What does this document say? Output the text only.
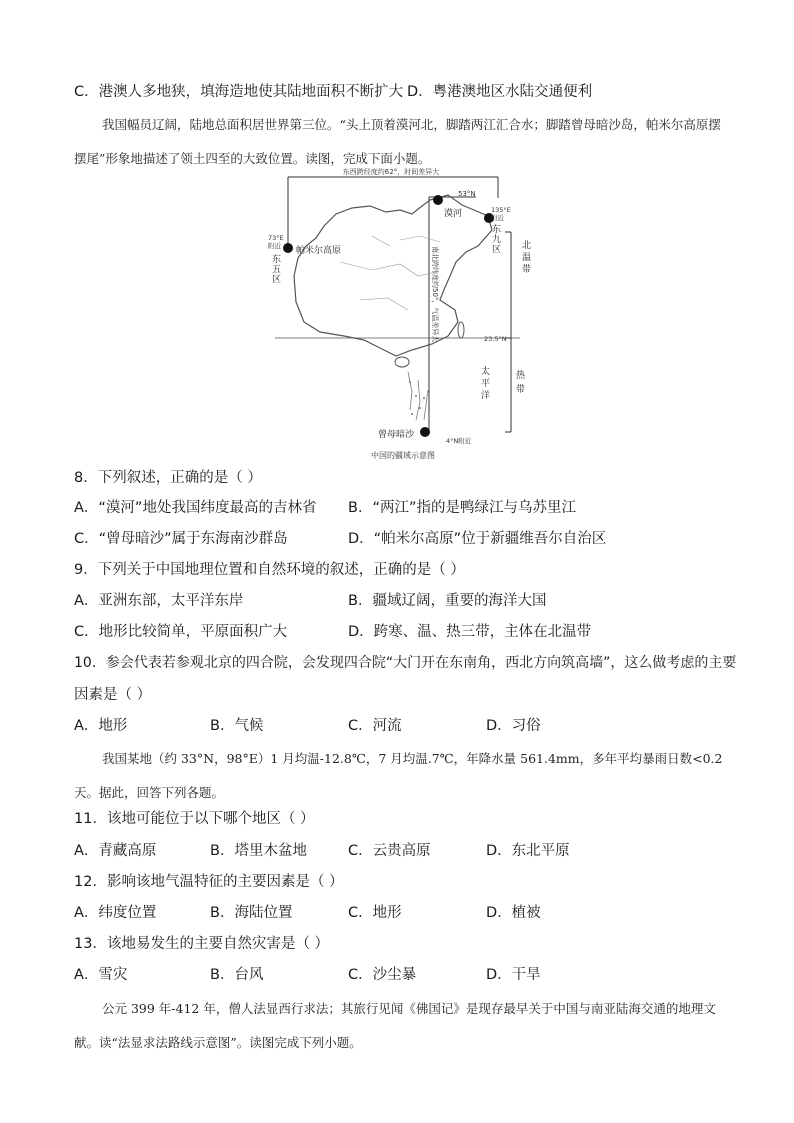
C．港澳人多地狭，填海造地使其陆地面积不断扩大 D．粤港澳地区水陆交通便利
我国幅员辽阔，陆地总面积居世界第三位。“头上顶着漠河北，脚踏两江汇合水；脚踏曾母暗沙岛，帕米尔高原摆摆尾”形象地描述了领土四至的大致位置。读图，完成下面小题。
东西跨经度约62°，时间差异大
53°N
漠河	135°E
附近
东
九
区
73°E
附近
东
五
区
帕米尔高原	南北跨纬度约50°，气温差异大	23.5°N
北
温
带
热
带
太
平
洋
曾母暗沙
4°N附近
中国的疆域示意图
8．下列叙述，正确的是（ ）
A．“漠河”地处我国纬度最高的吉林省 B．“两江”指的是鸭绿江与乌苏里江
C．“曾母暗沙”属于东海南沙群岛	D．“帕米尔高原”位于新疆维吾尔自治区
9．下列关于中国地理位置和自然环境的叙述，正确的是（ ）
A．亚洲东部，太平洋东岸	B．疆域辽阔，重要的海洋大国
C．地形比较简单，平原面积广大	D．跨寒、温、热三带，主体在北温带
10．参会代表若参观北京的四合院，会发现四合院“大门开在东南角，西北方向筑高墙”，这么做考虑的主要
因素是（ ）
A．地形	B．气候	C．河流	D．习俗
我国某地（约 33°N，98°E）1 月均温-12.8℃，7 月均温.7℃，年降水量 561.4mm，多年平均暴雨日数<0.2 天。据此，回答下列各题。
11．该地可能位于以下哪个地区（ ）
A．青藏高原	B．塔里木盆地	C．云贵高原	D．东北平原
12．影响该地气温特征的主要因素是（ ）
A．纬度位置	B．海陆位置	C．地形	D．植被
13．该地易发生的主要自然灾害是（ ）
A．雪灾	B．台风	C．沙尘暴	D．干旱
公元 399 年-412 年，僧人法显西行求法；其旅行见闻《佛国记》是现存最早关于中国与南亚陆海交通的地理文献。读“法显求法路线示意图”。读图完成下列小题。
